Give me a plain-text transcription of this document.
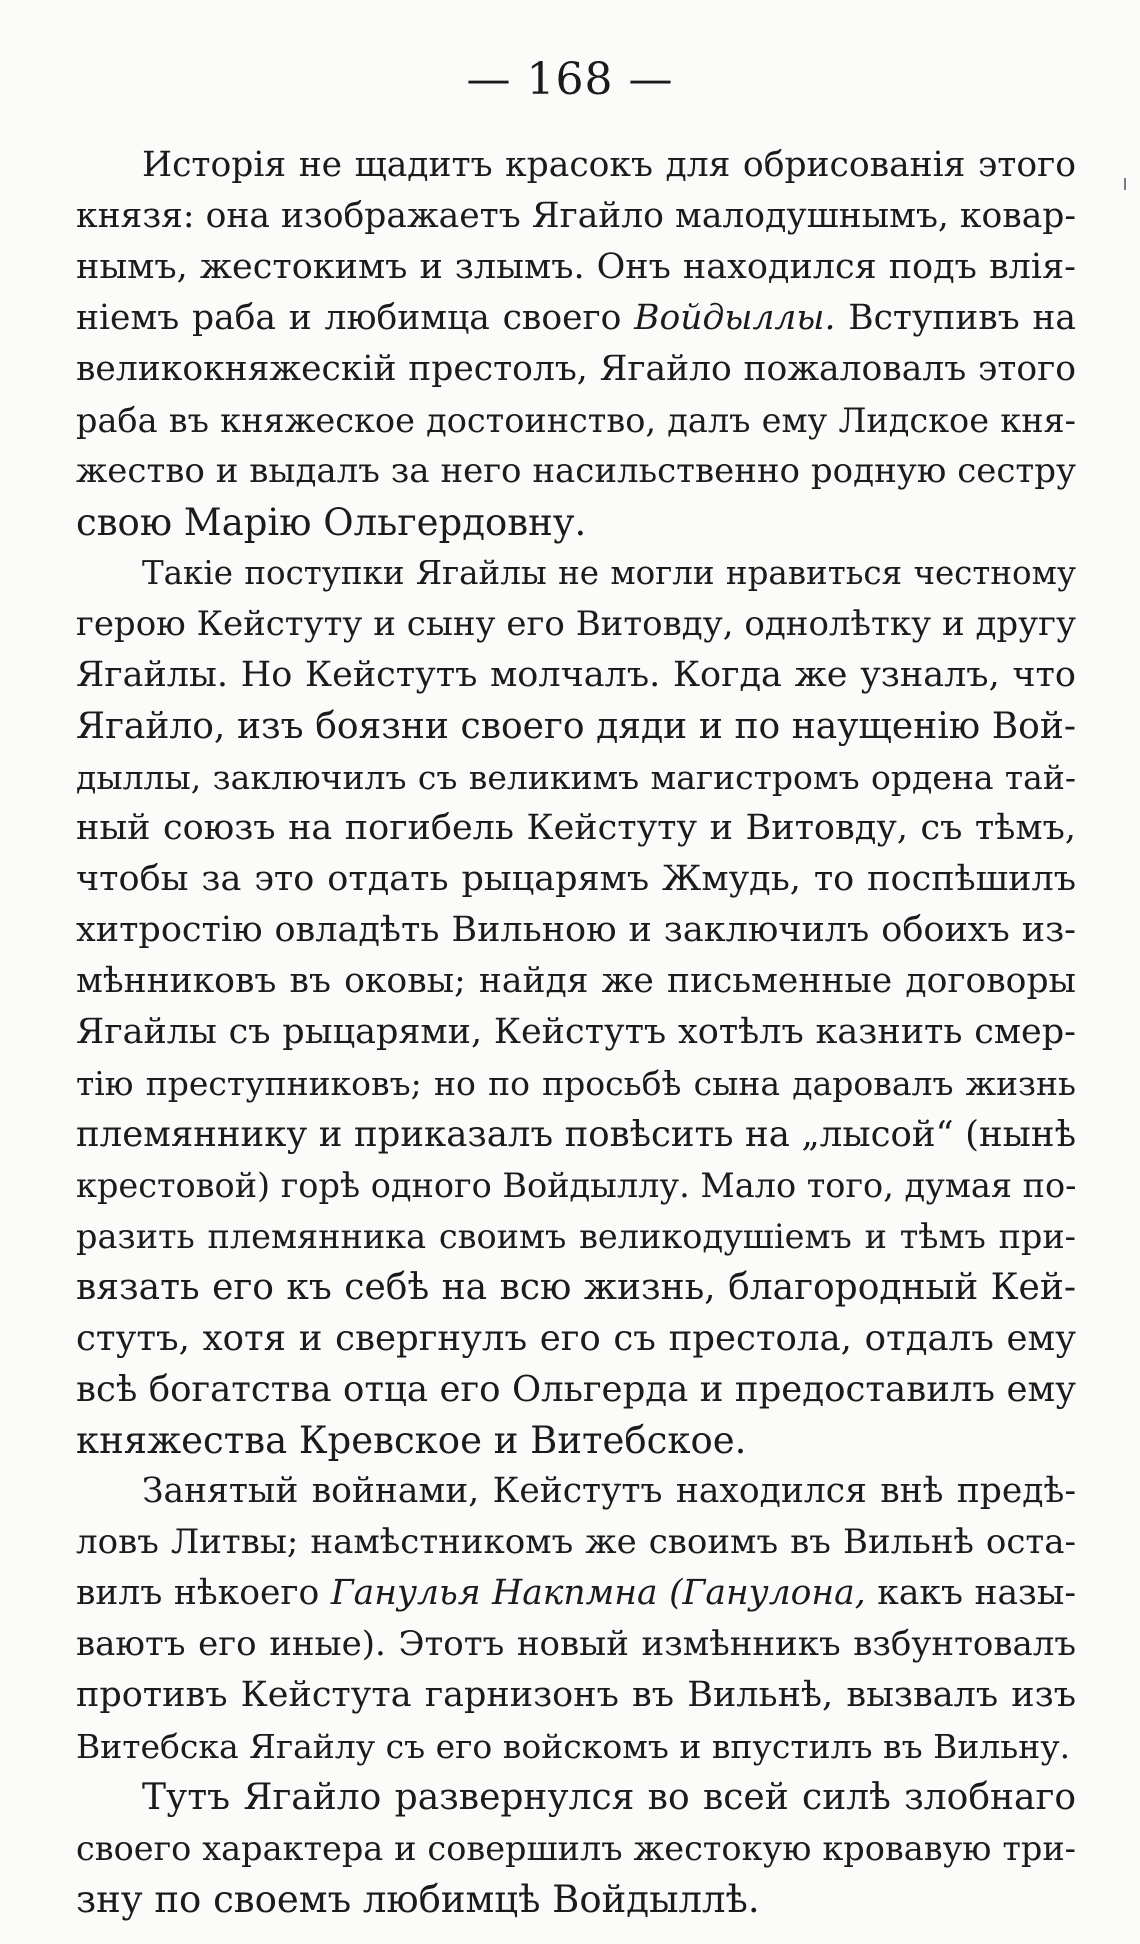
— 168 —
Исторія не щадитъ красокъ для обрисованія этого
князя: она изображаетъ Ягайло малодушнымъ, ковар-
нымъ, жестокимъ и злымъ. Онъ находился подъ влія-
ніемъ раба и любимца своего Войдыллы. Вступивъ на
великокняжескій престолъ, Ягайло пожаловалъ этого
раба въ княжеское достоинство, далъ ему Лидское кня-
жество и выдалъ за него насильственно родную сестру
свою Марію Ольгердовну.
Такіе поступки Ягайлы не могли нравиться честному
герою Кейстуту и сыну его Витовду, однолѣтку и другу
Ягайлы. Но Кейстутъ молчалъ. Когда же узналъ, что
Ягайло, изъ боязни своего дяди и по наущенію Вой-
дыллы, заключилъ съ великимъ магистромъ ордена тай-
ный союзъ на погибель Кейстуту и Витовду, съ тѣмъ,
чтобы за это отдать рыцарямъ Жмудь, то поспѣшилъ
хитростію овладѣть Вильною и заключилъ обоихъ из-
мѣнниковъ въ оковы; найдя же письменные договоры
Ягайлы съ рыцарями, Кейстутъ хотѣлъ казнить смер-
тію преступниковъ; но по просьбѣ сына даровалъ жизнь
племяннику и приказалъ повѣсить на „лысой“ (нынѣ
крестовой) горѣ одного Войдыллу. Мало того, думая по-
разить племянника своимъ великодушіемъ и тѣмъ при-
вязать его къ себѣ на всю жизнь, благородный Кей-
стутъ, хотя и свергнулъ его съ престола, отдалъ ему
всѣ богатства отца его Ольгерда и предоставилъ ему
княжества Кревское и Витебское.
Занятый войнами, Кейстутъ находился внѣ предѣ-
ловъ Литвы; намѣстникомъ же своимъ въ Вильнѣ оста-
вилъ нѣкоего Ганулья Накпмна (Ганулона, какъ назы-
ваютъ его иные). Этотъ новый измѣнникъ взбунтовалъ
противъ Кейстута гарнизонъ въ Вильнѣ, вызвалъ изъ
Витебска Ягайлу съ его войскомъ и впустилъ въ Вильну.
Тутъ Ягайло развернулся во всей силѣ злобнаго
своего характера и совершилъ жестокую кровавую три-
зну по своемъ любимцѣ Войдыллѣ.
